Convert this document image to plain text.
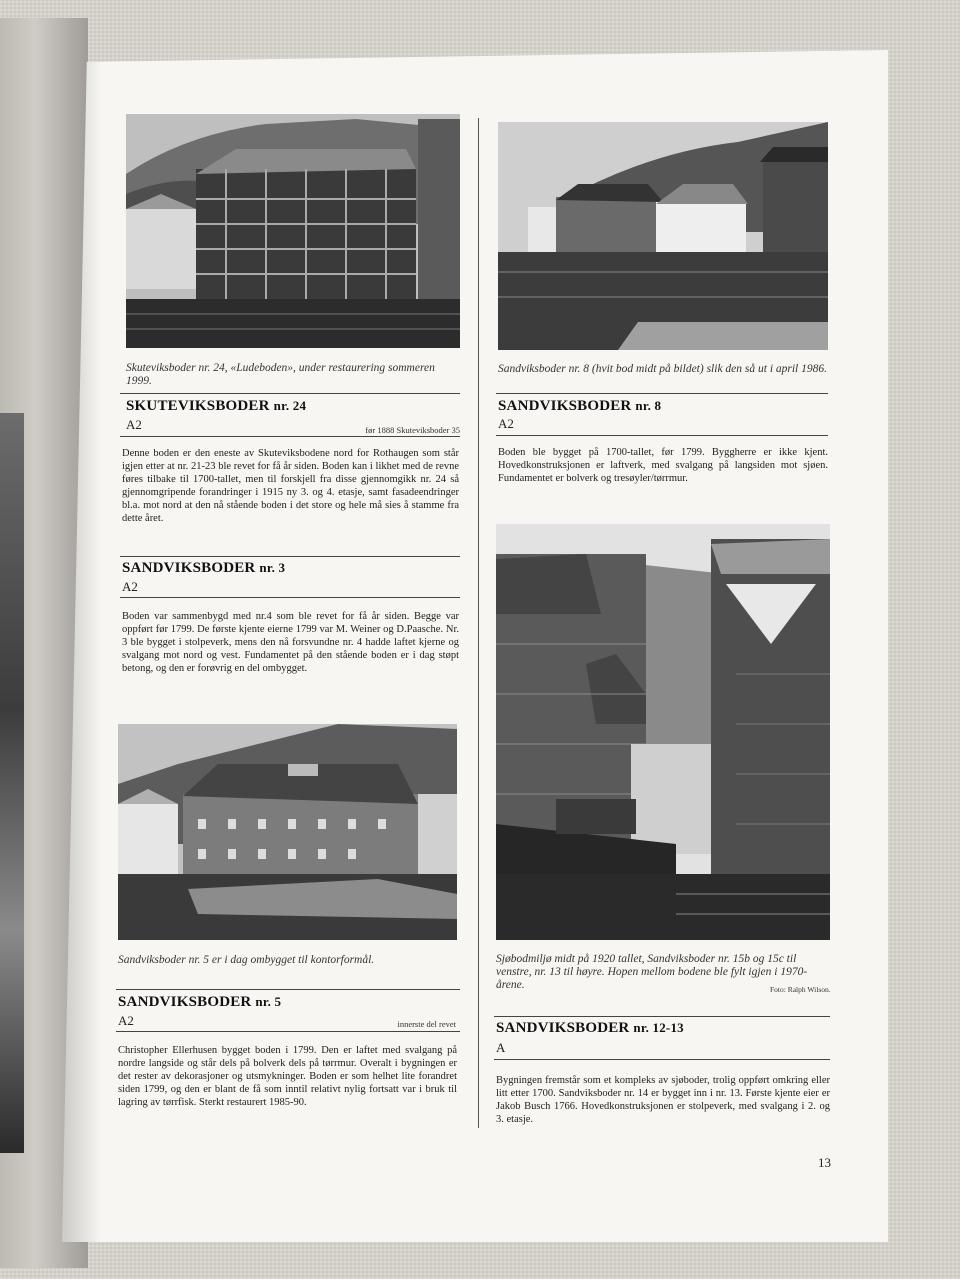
Skuteviksboder nr. 24, «Ludeboden», under restaurering sommeren 1999.
SKUTEVIKSBODER nr. 24
A2	før 1888 Skuteviksboder 35
Denne boden er den eneste av Skuteviksbodene nord for Rothaugen som står igjen etter at nr. 21-23 ble revet for få år siden. Boden kan i likhet med de revne føres tilbake til 1700-tallet, men til forskjell fra disse gjennomgikk nr. 24 så gjennomgripende forandringer i 1915 ny 3. og 4. etasje, samt fasadeendringer bl.a. mot nord at den nå stående boden i det store og hele må sies å stamme fra dette året.
SANDVIKSBODER nr. 3
A2
Boden var sammenbygd med nr.4 som ble revet for få år siden. Begge var oppført før 1799. De første kjente eierne 1799 var M. Weiner og D.Paasche. Nr. 3 ble bygget i stolpeverk, mens den nå forsvundne nr. 4 hadde laftet kjerne og svalgang mot nord og vest. Fundamentet på den stående boden er i dag støpt betong, og den er forøvrig en del ombygget.
Sandviksboder nr. 5 er i dag ombygget til kontorformål.
SANDVIKSBODER nr. 5
A2	innerste del revet
Christopher Ellerhusen bygget boden i 1799. Den er laftet med svalgang på nordre langside og står dels på bolverk dels på tørrmur. Overalt i bygningen er det rester av dekorasjoner og utsmykninger. Boden er som helhet lite forandret siden 1799, og den er blant de få som inntil relativt nylig fortsatt var i bruk til lagring av tørrfisk. Sterkt restaurert 1985-90.
Sandviksboder nr. 8 (hvit bod midt på bildet) slik den så ut i april 1986.
SANDVIKSBODER nr. 8
A2
Boden ble bygget på 1700-tallet, før 1799. Byggherre er ikke kjent. Hovedkonstruksjonen er laftverk, med svalgang på langsiden mot sjøen. Fundamentet er bolverk og tresøyler/tørrmur.
Sjøbodmiljø midt på 1920 tallet, Sandviksboder nr. 15b og 15c til venstre, nr. 13 til høyre. Hopen mellom bodene ble fylt igjen i 1970-årene.	Foto: Ralph Wilson.
SANDVIKSBODER nr. 12-13
A
Bygningen fremstår som et kompleks av sjøboder, trolig oppført omkring eller litt etter 1700. Sandviksboder nr. 14 er bygget inn i nr. 13. Første kjente eier er Jakob Busch 1766. Hovedkonstruksjonen er stolpeverk, med svalgang i 2. og 3. etasje.
13
